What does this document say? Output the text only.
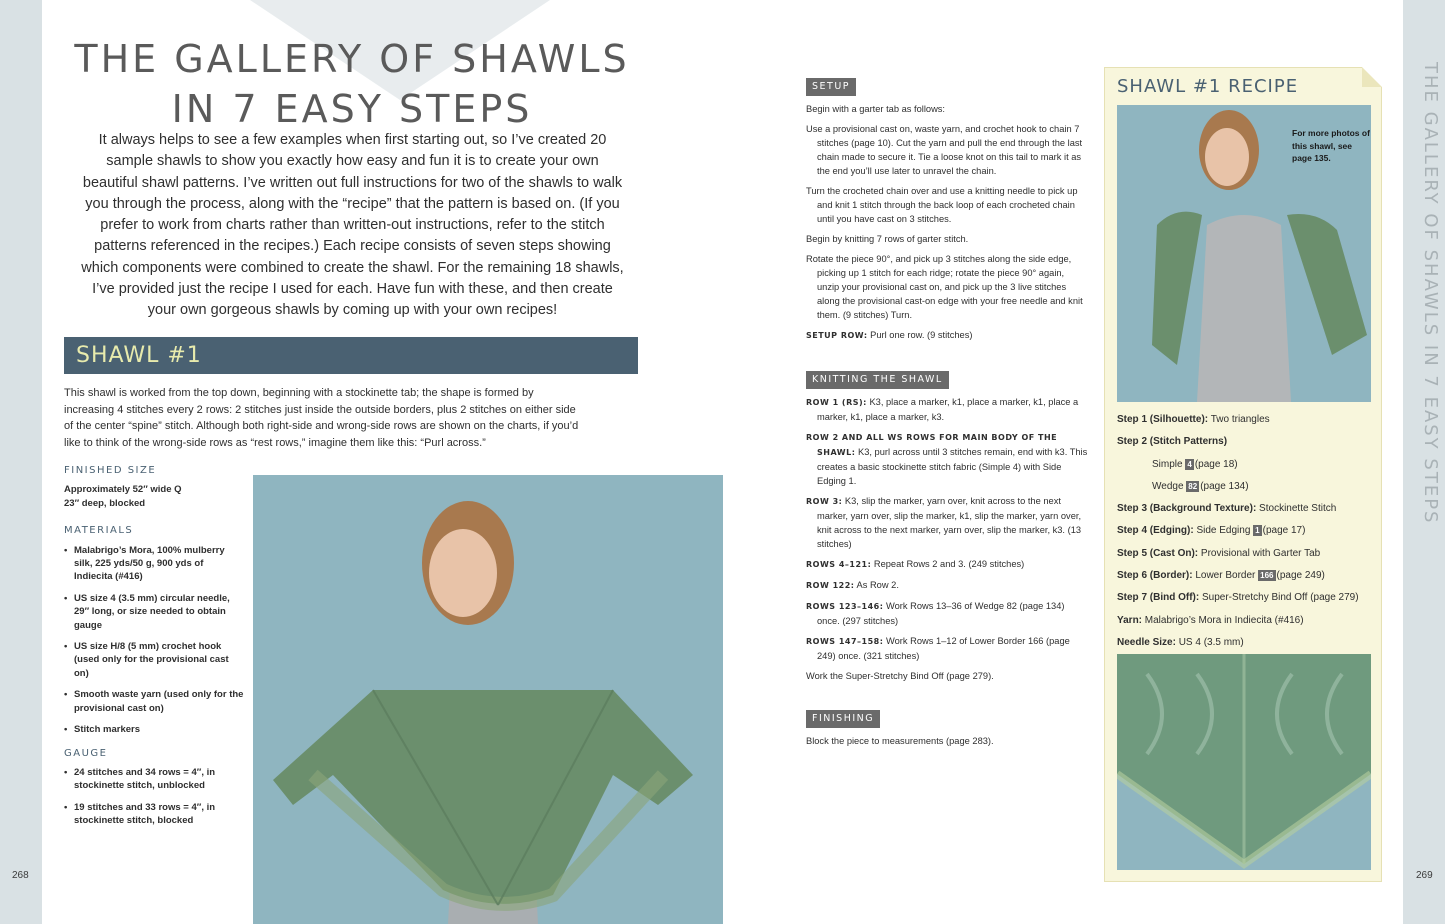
THE GALLERY OF SHAWLS IN 7 EASY STEPS
THE GALLERY OF SHAWLS
IN 7 EASY STEPS

It always helps to see a few examples when first starting out, so I’ve created 20 sample shawls to show you exactly how easy and fun it is to create your own beautiful shawl patterns. I’ve written out full instructions for two of the shawls to walk you through the process, along with the “recipe” that the pattern is based on. (If you prefer to work from charts rather than written-out instructions, refer to the stitch patterns referenced in the recipes.) Each recipe consists of seven steps showing which components were combined to create the shawl. For the remaining 18 shawls, I’ve provided just the recipe I used for each. Have fun with these, and then create your own gorgeous shawls by coming up with your own recipes!

SHAWL #1

This shawl is worked from the top down, beginning with a stockinette tab; the shape is formed by increasing 4 stitches every 2 rows: 2 stitches just inside the outside borders, plus 2 stitches on either side of the center “spine” stitch. Although both right-side and wrong-side rows are shown on the charts, if you’d like to think of the wrong-side rows as “rest rows,” imagine them like this: “Purl across.”

FINISHED SIZE
Approximately 52″ wide Q
23″ deep, blocked
MATERIALS
• Malabrigo’s Mora, 100% mulberry silk, 225 yds/50 g, 900 yds of Indiecita (#416)
• US size 4 (3.5 mm) circular needle, 29″ long, or size needed to obtain gauge
• US size H/8 (5 mm) crochet hook (used only for the provisional cast on)
• Smooth waste yarn (used only for the provisional cast on)
• Stitch markers
GAUGE
• 24 stitches and 34 rows = 4″, in stockinette stitch, unblocked
• 19 stitches and 33 rows = 4″, in stockinette stitch, blocked
268	269
SETUP

Begin with a garter tab as follows:

Use a provisional cast on, waste yarn, and crochet hook to chain 7 stitches (page 10). Cut the yarn and pull the end through the last chain made to secure it. Tie a loose knot on this tail to mark it as the end you’ll use later to unravel the chain.

Turn the crocheted chain over and use a knitting needle to pick up and knit 1 stitch through the back loop of each crocheted chain until you have cast on 3 stitches.

Begin by knitting 7 rows of garter stitch.

Rotate the piece 90°, and pick up 3 stitches along the side edge, picking up 1 stitch for each ridge; rotate the piece 90° again, unzip your provisional cast on, and pick up the 3 live stitches along the provisional cast-on edge with your free needle and knit them. (9 stitches) Turn.

SETUP ROW: Purl one row. (9 stitches)

KNITTING THE SHAWL

ROW 1 (RS): K3, place a marker, k1, place a marker, k1, place a marker, k1, place a marker, k3.

ROW 2 AND ALL WS ROWS FOR MAIN BODY OF THE SHAWL: K3, purl across until 3 stitches remain, end with k3. This creates a basic stockinette stitch fabric (Simple 4) with Side Edging 1.

ROW 3: K3, slip the marker, yarn over, knit across to the next marker, yarn over, slip the marker, k1, slip the marker, yarn over, knit across to the next marker, yarn over, slip the marker, k3. (13 stitches)

ROWS 4–121: Repeat Rows 2 and 3. (249 stitches)

ROW 122: As Row 2.

ROWS 123–146: Work Rows 13–36 of Wedge 82 (page 134) once. (297 stitches)

ROWS 147–158: Work Rows 1–12 of Lower Border 166 (page 249) once. (321 stitches)

Work the Super-Stretchy Bind Off (page 279).

FINISHING

Block the piece to measurements (page 283).

SHAWL #1 RECIPE
For more photos of this shawl, see page 135.
Step 1 (Silhouette): Two triangles
Step 2 (Stitch Patterns)
Simple 4 (page 18)
Wedge 82 (page 134)
Step 3 (Background Texture): Stockinette Stitch
Step 4 (Edging): Side Edging 1 (page 17)
Step 5 (Cast On): Provisional with Garter Tab
Step 6 (Border): Lower Border 166 (page 249)
Step 7 (Bind Off): Super-Stretchy Bind Off (page 279)
Yarn: Malabrigo’s Mora in Indiecita (#416)
Needle Size: US 4 (3.5 mm)
